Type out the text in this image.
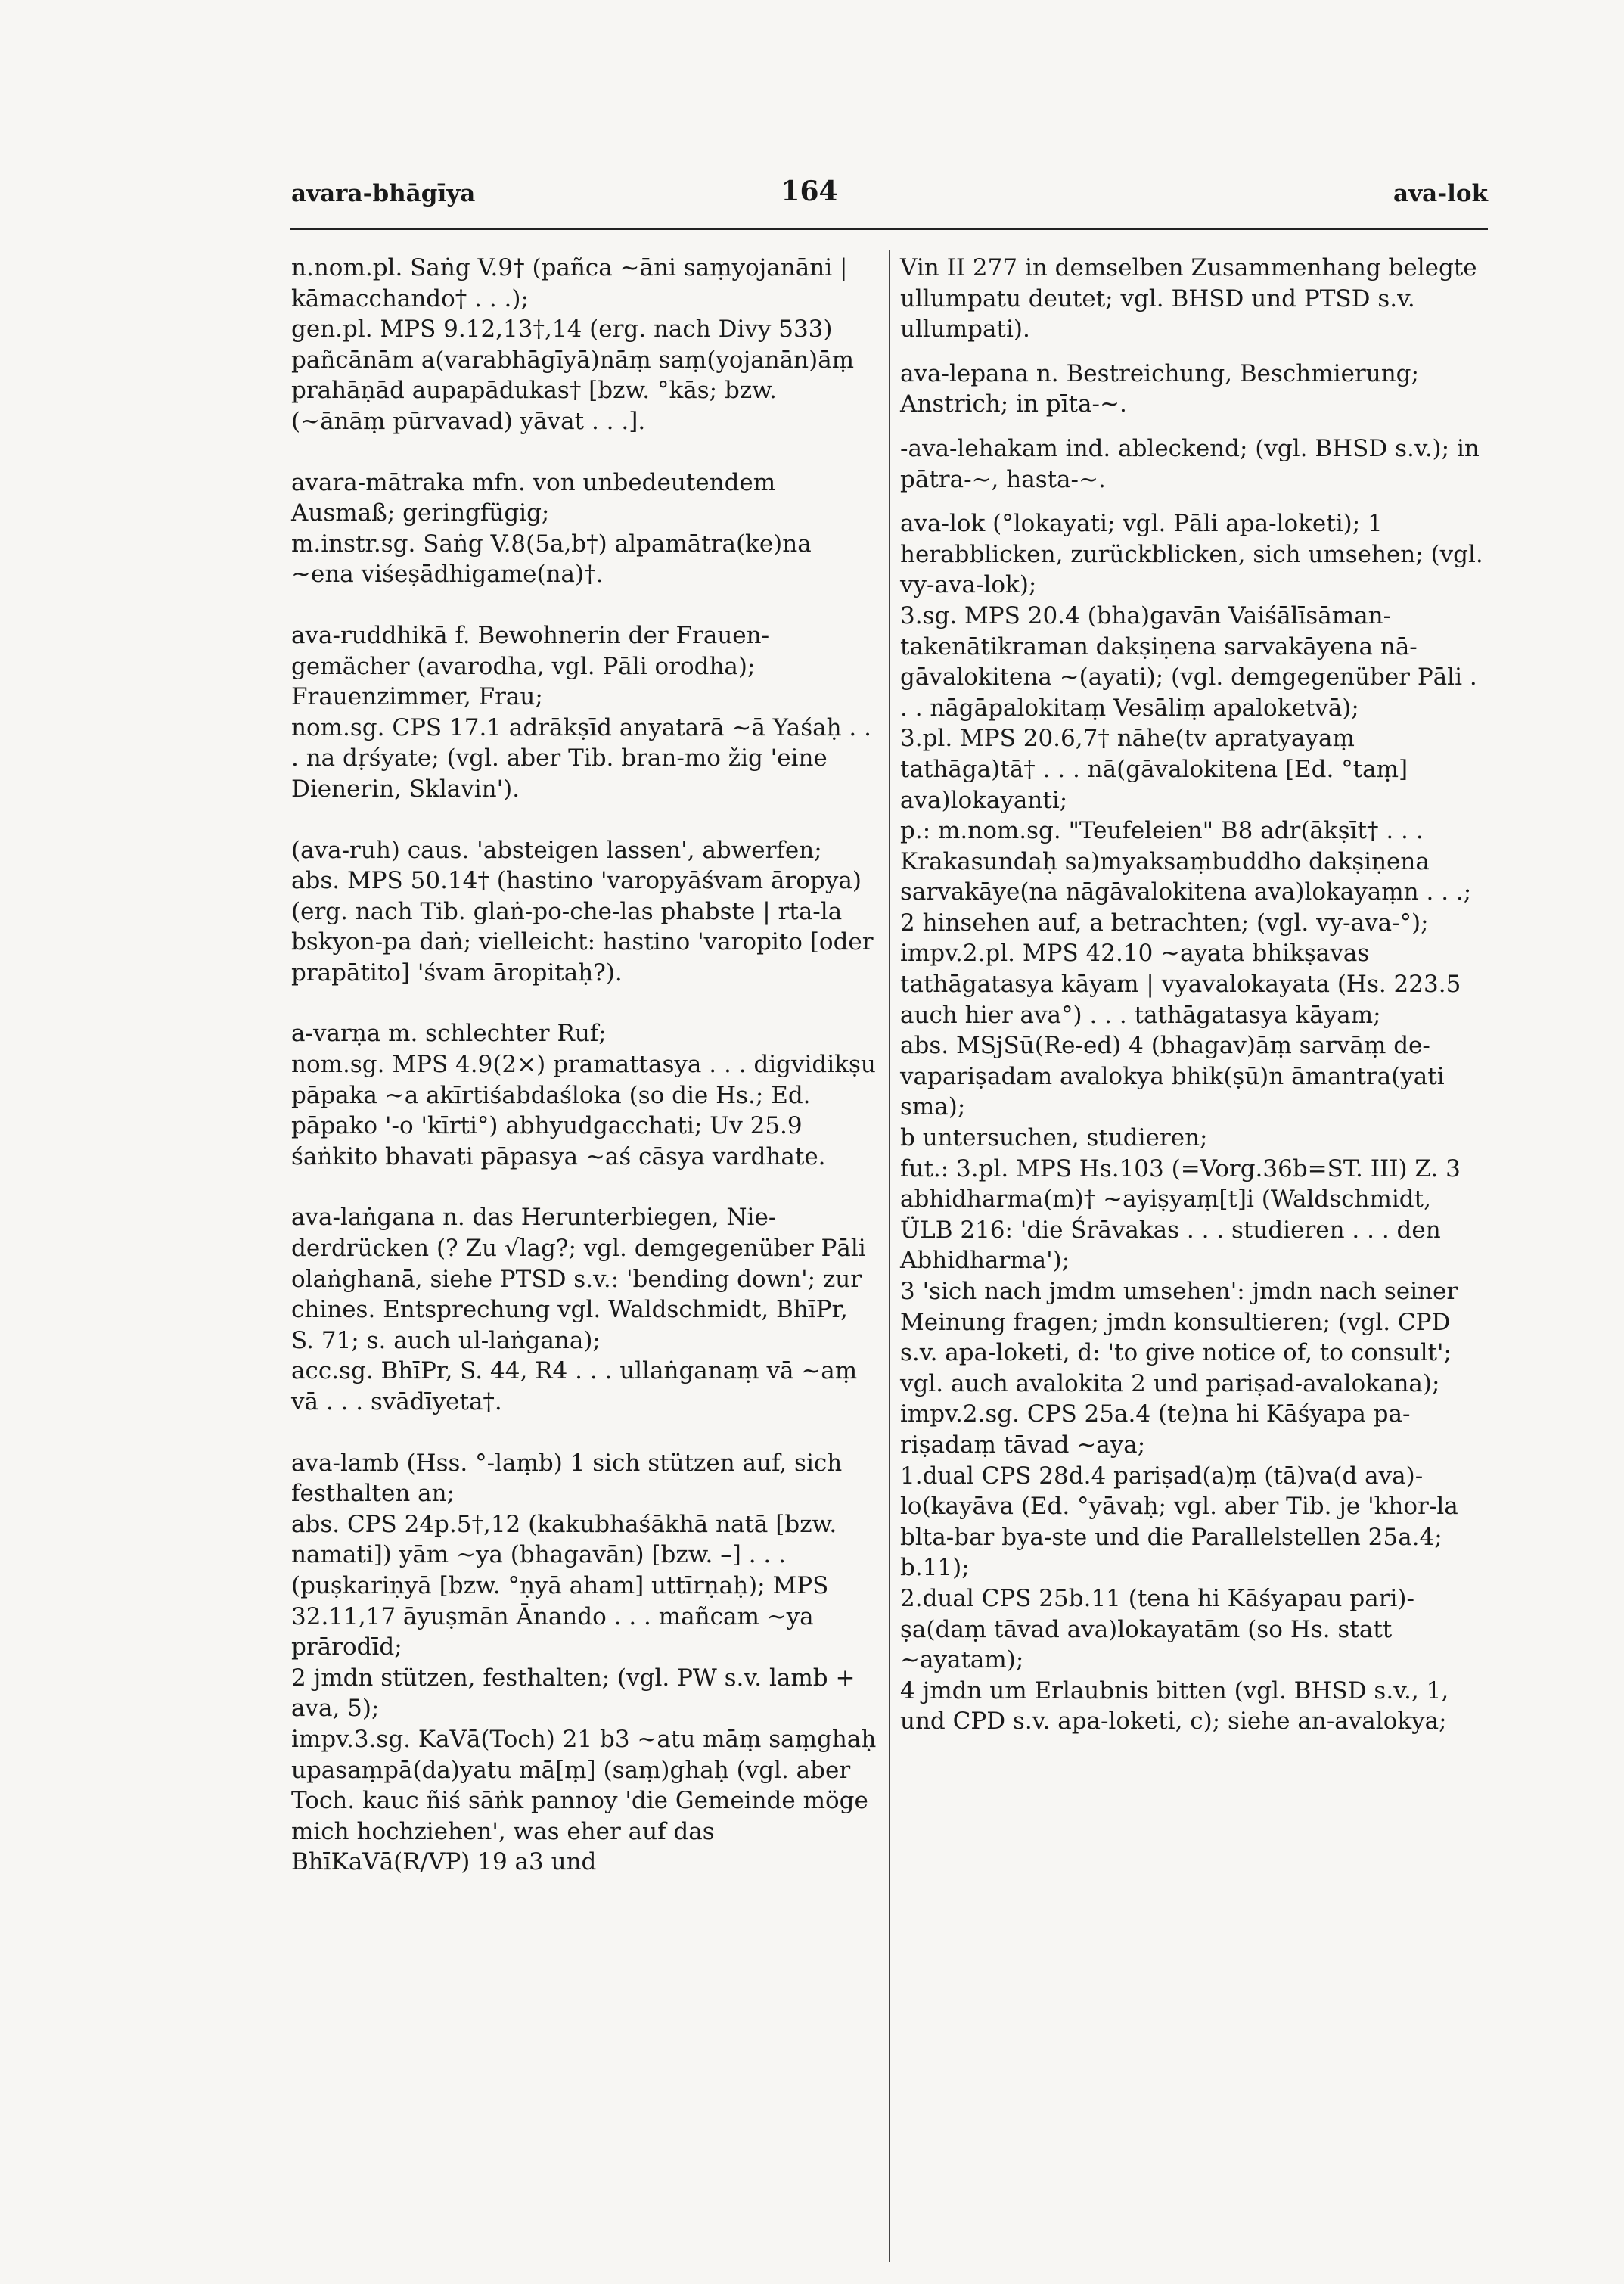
avara-bhāgīya	164	ava-lok

n.nom.pl. Saṅg V.9† (pañca ~āni saṃyojanāni | kāmacchando† . . .);

gen.pl. MPS 9.12,13†,14 (erg. nach Divy 533) pañcānām a(varabhāgīyā)nāṃ saṃ(yojanān)āṃ prahāṇād aupapādukas† [bzw. °kās; bzw. (~ānāṃ pūrvavad) yāvat . . .].

avara-mātraka mfn. von unbedeutendem Ausmaß; geringfügig;

m.instr.sg. Saṅg V.8(5a,b†) alpamātra(ke)na ~ena viśeṣādhigame(na)†.

ava-ruddhikā f. Bewohnerin der Frauengemächer (avarodha, vgl. Pāli orodha); Frauenzimmer, Frau;

nom.sg. CPS 17.1 adrākṣīd anyatarā ~ā Yaśaḥ . . . na dṛśyate; (vgl. aber Tib. bran-mo žig 'eine Dienerin, Sklavin').

(ava-ruh) caus. 'absteigen lassen', abwerfen;

abs. MPS 50.14† (hastino 'varopyāśvam āropya) (erg. nach Tib. glaṅ-po-che-las phabste | rta-la bskyon-pa daṅ; vielleicht: hastino 'varopito [oder prapātito] 'śvam āropitaḥ?).

a-varṇa m. schlechter Ruf;

nom.sg. MPS 4.9(2×) pramattasya . . . digvidikṣu pāpaka ~a akīrtiśabdaśloka (so die Hs.; Ed. pāpako '-o 'kīrti°) abhyudgacchati; Uv 25.9 śaṅkito bhavati pāpasya ~aś cāsya vardhate.

ava-laṅgana n. das Herunterbiegen, Niederdrücken (? Zu √lag?; vgl. demgegenüber Pāli olaṅghanā, siehe PTSD s.v.: 'bending down'; zur chines. Entsprechung vgl. Waldschmidt, BhīPr, S. 71; s. auch ul-laṅgana);

acc.sg. BhīPr, S. 44, R4 . . . ullaṅganaṃ vā ~aṃ vā . . . svādīyeta†.

ava-lamb (Hss. °-laṃb) 1 sich stützen auf, sich festhalten an;

abs. CPS 24p.5†,12 (kakubhaśākhā natā [bzw. namati]) yām ~ya (bhagavān) [bzw. –] . . . (puṣkariṇyā [bzw. °ṇyā aham] uttīrṇaḥ); MPS 32.11,17 āyuṣmān Ānando . . . mañcam ~ya prārodīd;

2 jmdn stützen, festhalten; (vgl. PW s.v. lamb + ava, 5);

impv.3.sg. KaVā(Toch) 21 b3 ~atu māṃ saṃghaḥ upasaṃpā(da)yatu mā[ṃ] (saṃ)ghaḥ (vgl. aber Toch. kauc ñiś sāṅk pannoy 'die Gemeinde möge mich hochziehen', was eher auf das BhīKaVā(R/VP) 19 a3 und

Vin II 277 in demselben Zusammenhang belegte ullumpatu deutet; vgl. BHSD und PTSD s.v. ullumpati).

ava-lepana n. Bestreichung, Beschmierung; Anstrich; in pīta-~.

-ava-lehakam ind. ableckend; (vgl. BHSD s.v.); in pātra-~, hasta-~.

ava-lok (°lokayati; vgl. Pāli apa-loketi); 1 herabblicken, zurückblicken, sich umsehen; (vgl. vy-ava-lok);

3.sg. MPS 20.4 (bha)gavān Vaiśālīsāmantakenātikraman dakṣiṇena sarvakāyena nāgāvalokitena ~(ayati); (vgl. demgegenüber Pāli . . . nāgāpalokitaṃ Vesāliṃ apaloketvā);

3.pl. MPS 20.6,7† nāhe(tv apratyayaṃ tathāga)tā† . . . nā(gāvalokitena [Ed. °taṃ] ava)lokayanti;

p.: m.nom.sg. "Teufeleien" B8 adr(ākṣīt† . . . Krakasundaḥ sa)myaksaṃbuddho dakṣiṇena sarvakāye(na nāgāvalokitena ava)lokayaṃn . . .;

2 hinsehen auf, a betrachten; (vgl. vy-ava-°);

impv.2.pl. MPS 42.10 ~ayata bhikṣavas tathāgatasya kāyam | vyavalokayata (Hs. 223.5 auch hier ava°) . . . tathāgatasya kāyam;

abs. MSjSū(Re-ed) 4 (bhagav)āṃ sarvāṃ devapariṣadam avalokya bhik(ṣū)n āmantra(yati sma);

b untersuchen, studieren;

fut.: 3.pl. MPS Hs.103 (=Vorg.36b=ST. III) Z. 3 abhidharma(m)† ~ayiṣyaṃ[t]i (Waldschmidt, ÜLB 216: 'die Śrāvakas . . . studieren . . . den Abhidharma');

3 'sich nach jmdm umsehen': jmdn nach seiner Meinung fragen; jmdn konsultieren; (vgl. CPD s.v. apa-loketi, d: 'to give notice of, to consult'; vgl. auch avalokita 2 und pariṣad-avalokana);

impv.2.sg. CPS 25a.4 (te)na hi Kāśyapa pariṣadaṃ tāvad ~aya;

1.dual CPS 28d.4 pariṣad(a)ṃ (tā)va(d ava)lo(kayāva (Ed. °yāvaḥ; vgl. aber Tib. je 'khor-la blta-bar bya-ste und die Parallelstellen 25a.4; b.11);

2.dual CPS 25b.11 (tena hi Kāśyapau pari)ṣa(daṃ tāvad ava)lokayatām (so Hs. statt ~ayatam);

4 jmdn um Erlaubnis bitten (vgl. BHSD s.v., 1, und CPD s.v. apa-loketi, c); siehe an-avalokya;
